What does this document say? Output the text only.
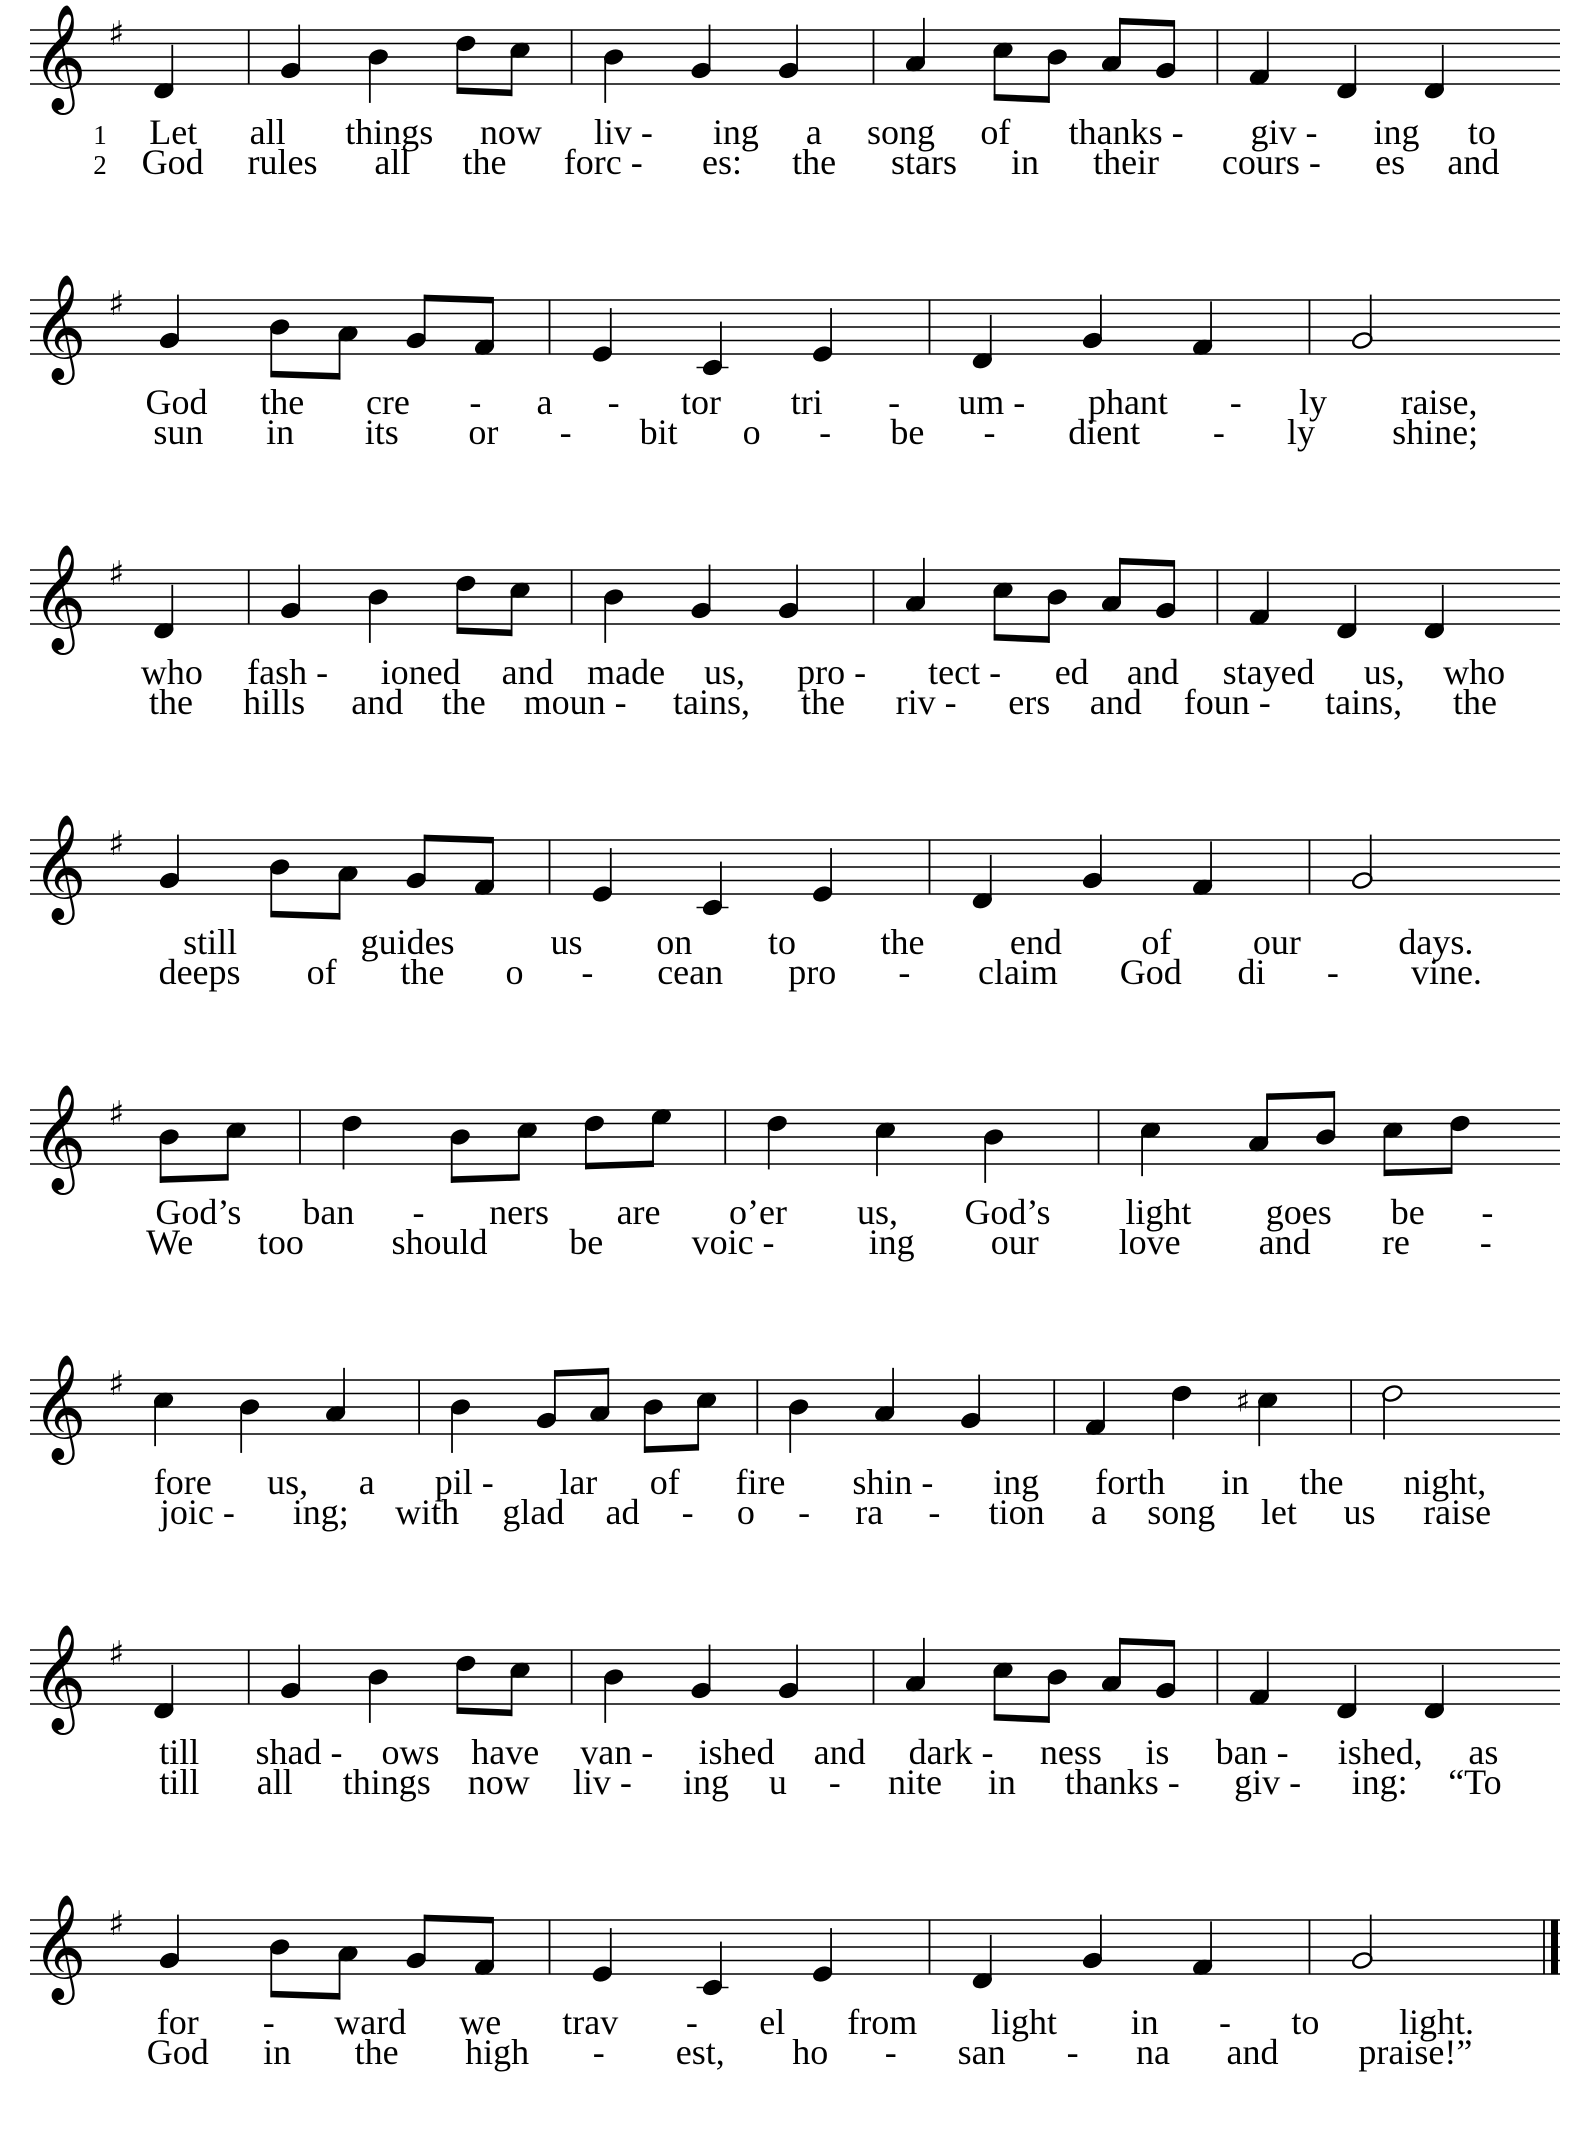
𝄞 ♯
Let all things now liv - ing a song of thanks - giv - ing to
1
God rules all the forc - es: the stars in their cours - es and
2
𝄞 ♯
God the cre - a - tor tri - um - phant - ly raise,
sun in its or - bit o - be - dient - ly shine;
𝄞 ♯
who fash - ioned and made us, pro - tect - ed and stayed us, who
the hills and the moun - tains, the riv - ers and foun - tains, the
𝄞 ♯
still	guides	us on to the end of our	days.
deeps of the o - cean pro - claim God di - vine.
𝄞 ♯
God’s ban - ners are o’er us, God’s light goes be -
We too should be voic -	ing our love and re -
𝄞 ♯	♯
fore us, a pil - lar of fire shin - ing forth in the night,
joic - ing; with glad ad - o - ra - tion a song let us raise
𝄞 ♯
till shad - ows have van - ished and dark - ness is ban - ished, as
till all things now liv - ing u - nite in thanks - giv - ing: “To
𝄞 ♯
for - ward we trav - el from light in - to light.
God in the high - est, ho - san - na and praise!”
